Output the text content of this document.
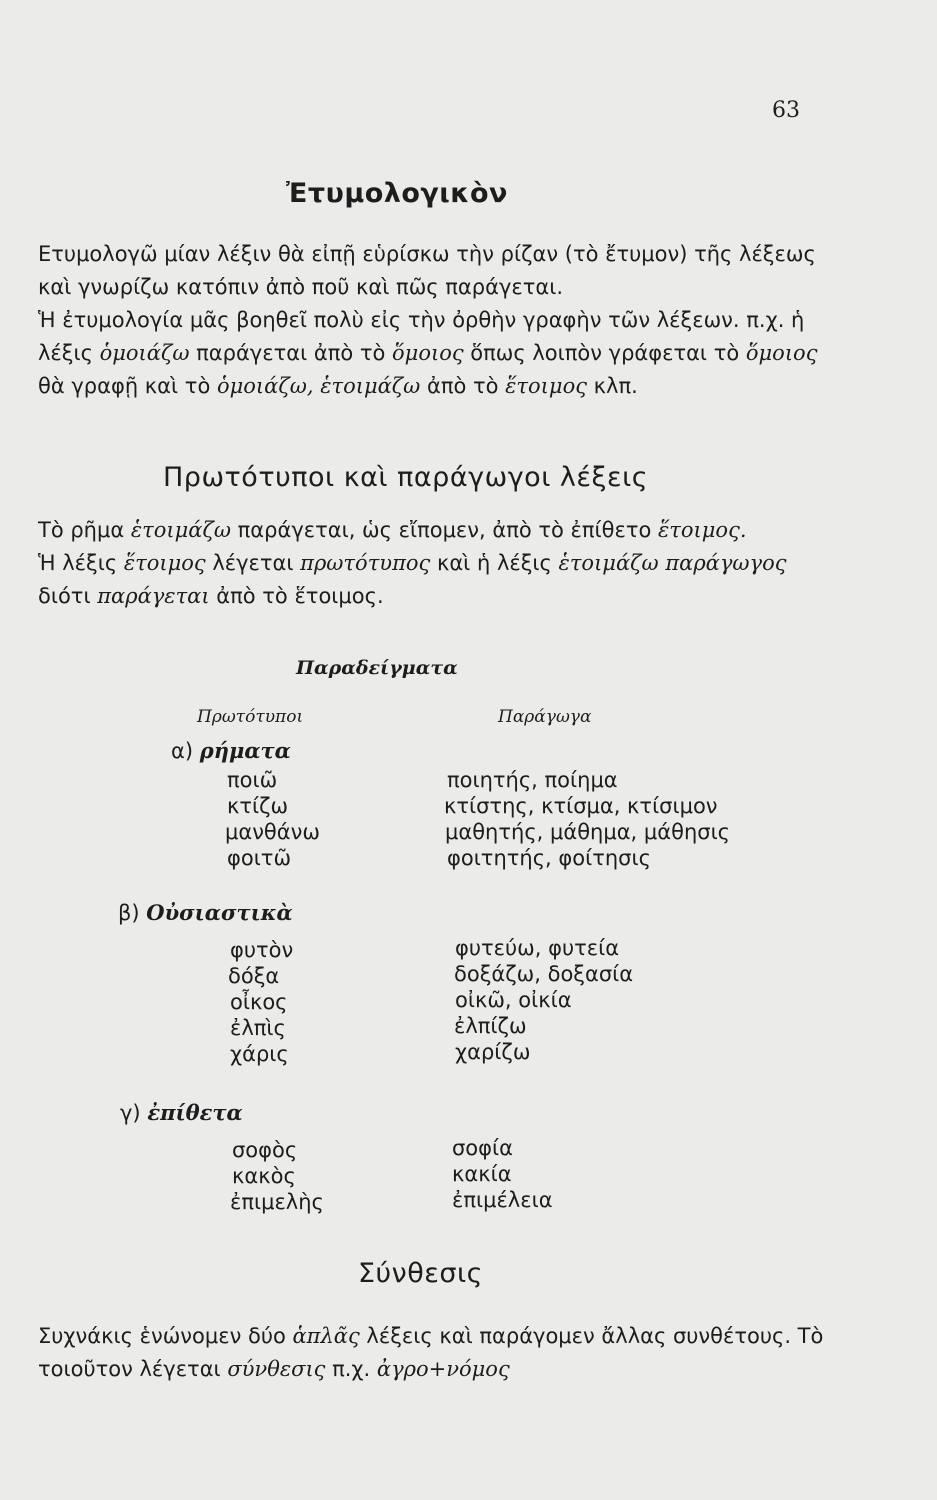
63
Ἐτυμολογικὸν
Ετυμολογῶ μίαν λέξιν θὰ εἰπῇ εὑρίσκω τὴν ρίζαν (τὸ ἔτυμον) τῆς λέξεως καὶ γνωρίζω κατόπιν ἀπὸ ποῦ καὶ πῶς παράγεται.
Ἡ ἐτυμολογία μᾶς βοηθεῖ πολὺ εἰς τὴν ὀρθὴν γραφὴν τῶν λέξεων. π.χ. ἡ λέξις ὁμοιάζω παράγεται ἀπὸ τὸ ὅμοιος ὅπως λοιπὸν γράφεται τὸ ὅμοιος θὰ γραφῇ καὶ τὸ ὁμοιάζω, ἑτοιμάζω ἀπὸ τὸ ἕτοιμος κλπ.
Πρωτότυποι καὶ παράγωγοι λέξεις
Τὸ ρῆμα ἑτοιμάζω παράγεται, ὡς εἴπομεν, ἀπὸ τὸ ἐπίθετο ἕτοιμος.
Ἡ λέξις ἕτοιμος λέγεται πρωτότυπος καὶ ἡ λέξις ἑτοιμάζω παράγωγος διότι παράγεται ἀπὸ τὸ ἕτοιμος.
Παραδείγματα
Πρωτότυποι	Παράγωγα
α) ρήματα
ποιῶ	ποιητής, ποίημα
κτίζω	κτίστης, κτίσμα, κτίσιμον
μανθάνω	μαθητής, μάθημα, μάθησις
φοιτῶ	φοιτητής, φοίτησις
β) Οὐσιαστικὰ
φυτὸν	φυτεύω, φυτεία
δόξα	δοξάζω, δοξασία
οἶκος	οἰκῶ, οἰκία
ἐλπὶς	ἐλπίζω
χάρις	χαρίζω
γ) ἐπίθετα
σοφὸς	σοφία
κακὸς	κακία
ἐπιμελὴς	ἐπιμέλεια
Σύνθεσις
Συχνάκις ἑνώνομεν δύο ἁπλᾶς λέξεις καὶ παράγομεν ἄλλας συνθέτους. Τὸ τοιοῦτον λέγεται σύνθεσις π.χ. ἀγρο+νόμος
